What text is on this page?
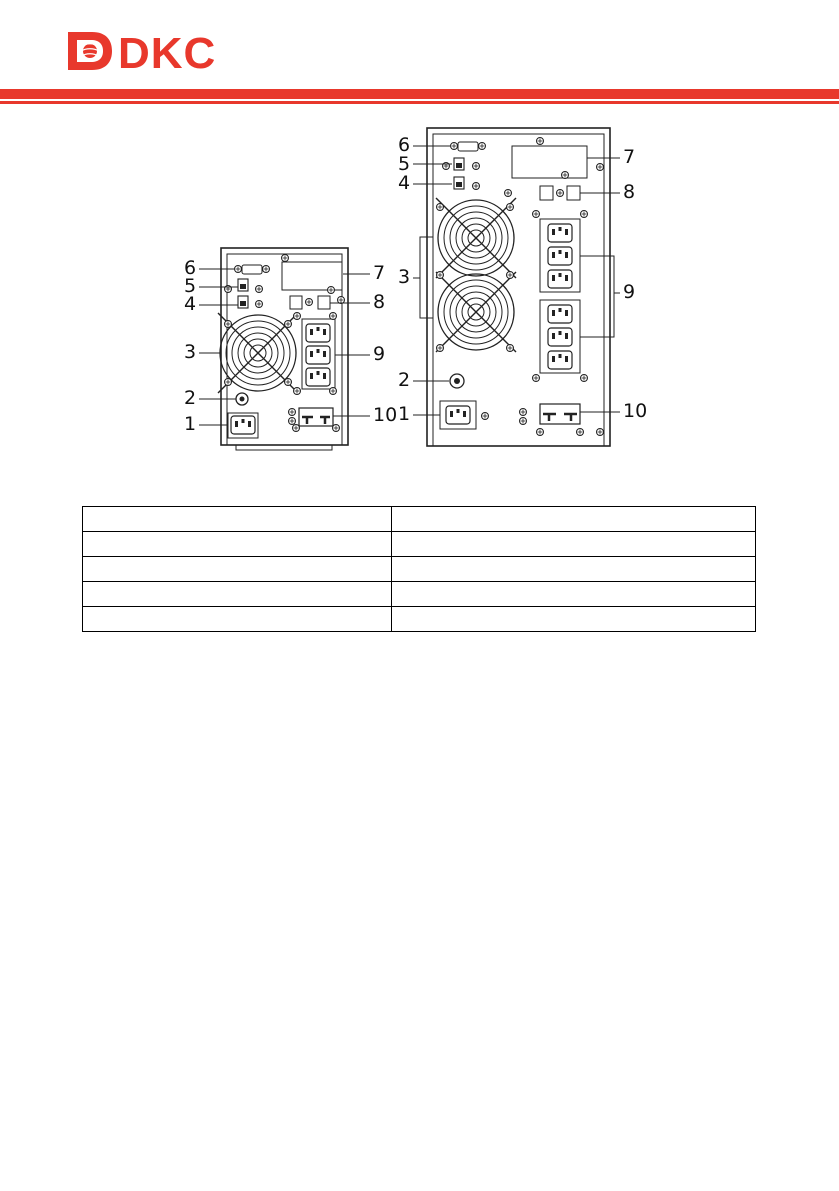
DKC
6
5
4
3
2
1
7
8
9
10
6
5
4
3
2
1
7
8
9
10
